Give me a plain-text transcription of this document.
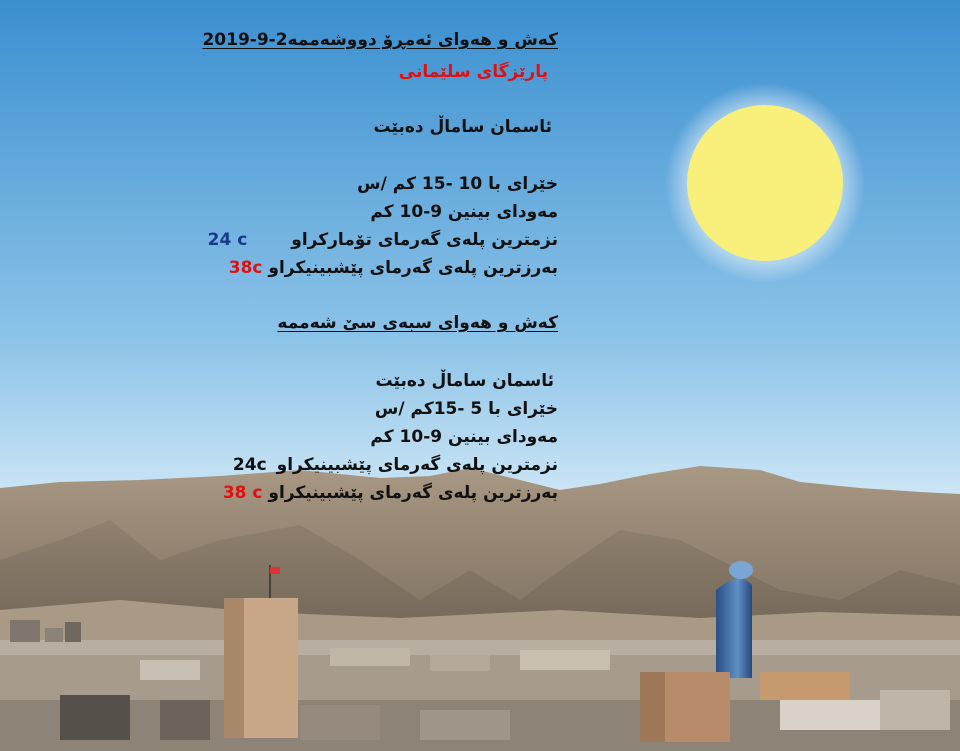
کەش و هەوای ئەمڕۆ دووشەممە2019-9-2
پارێزگای سلێمانی
ئاسمان ساماڵ دەبێت
خێرای با 10 -15 کم /س
مەودای بینین 9-10 کم
نزمترین پلەی گەرمای تۆمارکراو24 c
بەرزترین پلەی گەرمای پێشبینیکراو 38c
کەش و هەوای سبەی سێ شەممە
ئاسمان ساماڵ دەبێت
خێرای با 5 -15کم /س
مەودای بینین 9-10 کم
نزمترین پلەی گەرمای پێشبینیکراو24c
بەرزترین پلەی گەرمای پێشبینیکراو 38 c
